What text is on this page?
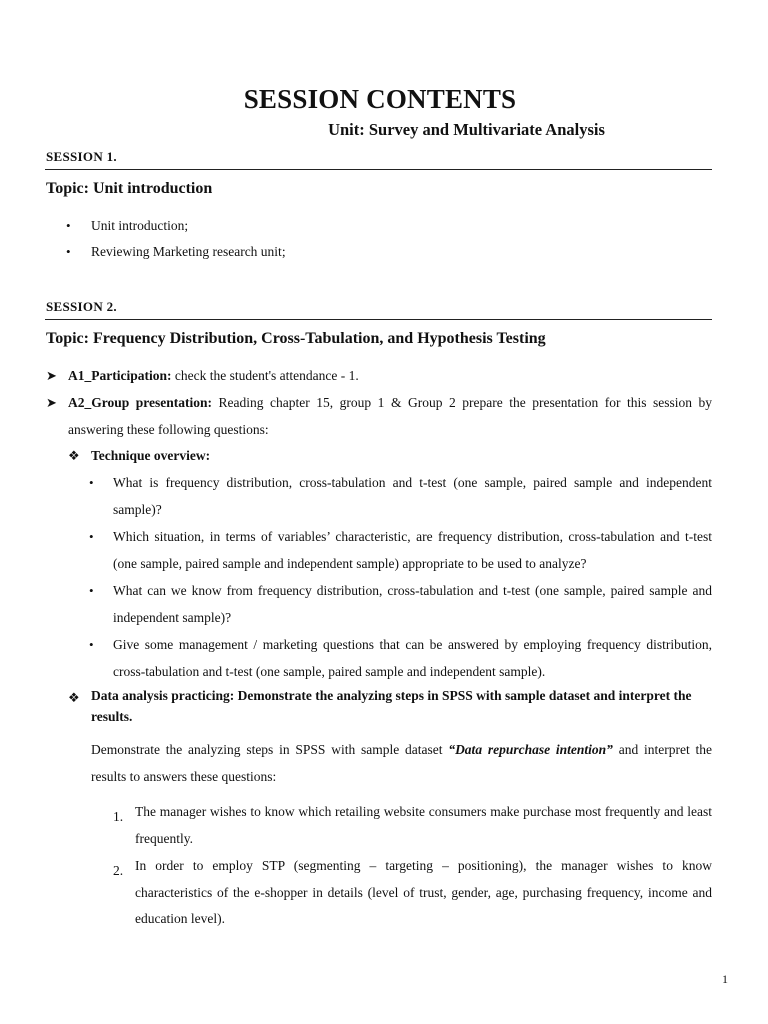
SESSION CONTENTS
Unit: Survey and Multivariate Analysis
SESSION 1.
Topic: Unit introduction
• Unit introduction;
• Reviewing Marketing research unit;
SESSION 2.
Topic: Frequency Distribution, Cross-Tabulation, and Hypothesis Testing
➤ A1_Participation: check the student's attendance - 1.
➤ A2_Group presentation: Reading chapter 15, group 1 & Group 2 prepare the presentation for this session by answering these following questions:
❖ Technique overview:
• What is frequency distribution, cross-tabulation and t-test (one sample, paired sample and independent sample)?
• Which situation, in terms of variables’ characteristic, are frequency distribution, cross-tabulation and t-test (one sample, paired sample and independent sample) appropriate to be used to analyze?
• What can we know from frequency distribution, cross-tabulation and t-test (one sample, paired sample and independent sample)?
• Give some management / marketing questions that can be answered by employing frequency distribution, cross-tabulation and t-test (one sample, paired sample and independent sample).
❖ Data analysis practicing: Demonstrate the analyzing steps in SPSS with sample dataset and interpret the results.
Demonstrate the analyzing steps in SPSS with sample dataset “Data repurchase intention” and interpret the results to answers these questions:
1. The manager wishes to know which retailing website consumers make purchase most frequently and least frequently.
2. In order to employ STP (segmenting – targeting – positioning), the manager wishes to know characteristics of the e-shopper in details (level of trust, gender, age, purchasing frequency, income and education level).
1
